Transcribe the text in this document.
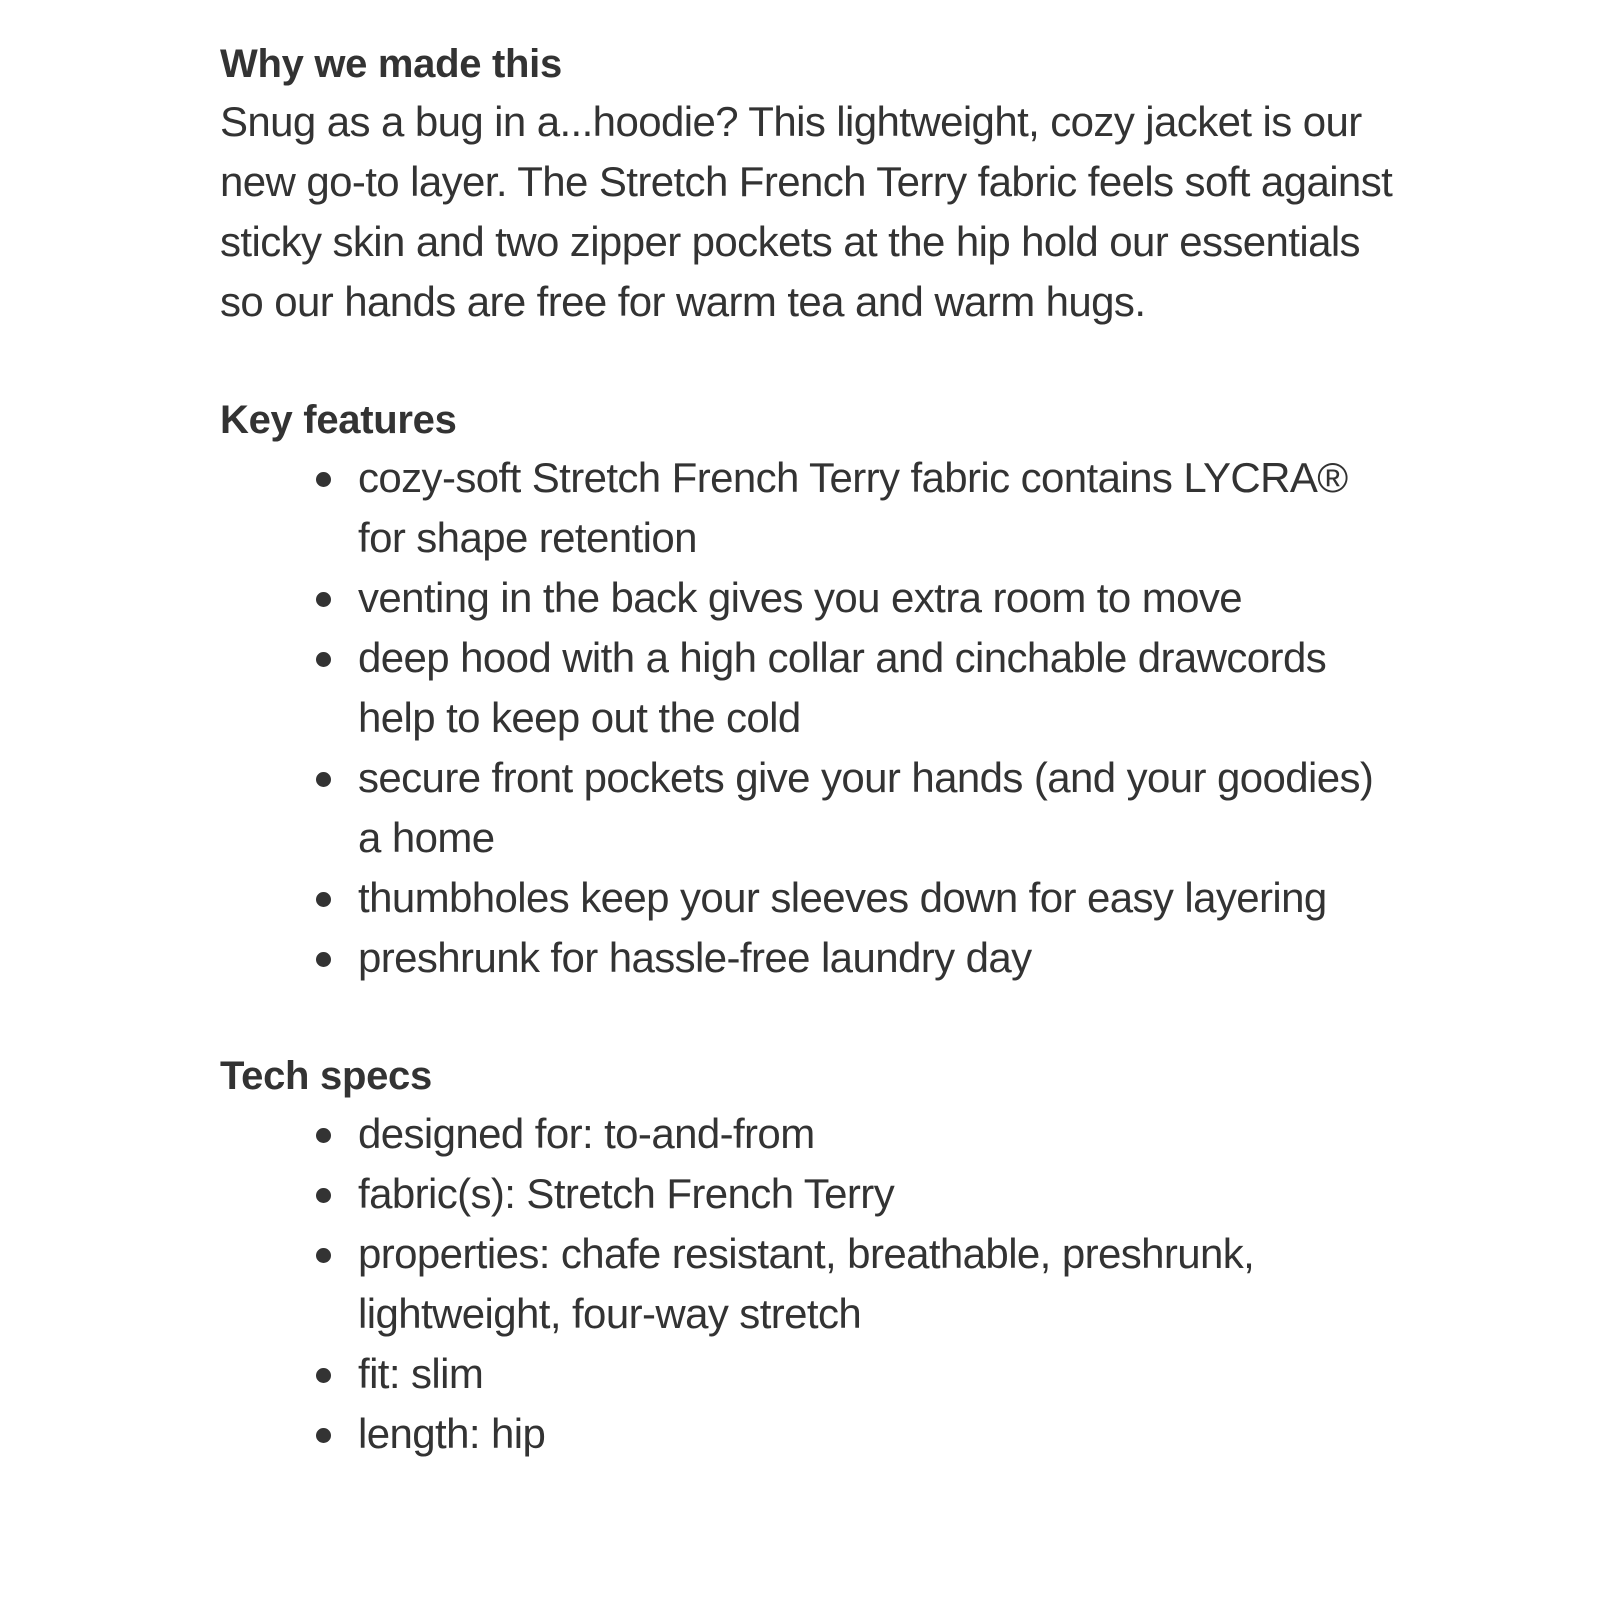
Why we made this

Snug as a bug in a...hoodie? This lightweight, cozy jacket is our new go-to layer. The Stretch French Terry fabric feels soft against sticky skin and two zipper pockets at the hip hold our essentials so our hands are free for warm tea and warm hugs.

Key features
cozy-soft Stretch French Terry fabric contains LYCRA® for shape retention
venting in the back gives you extra room to move
deep hood with a high collar and cinchable drawcords help to keep out the cold
secure front pockets give your hands (and your goodies) a home
thumbholes keep your sleeves down for easy layering
preshrunk for hassle-free laundry day
Tech specs
designed for: to-and-from
fabric(s): Stretch French Terry
properties: chafe resistant, breathable, preshrunk, lightweight, four-way stretch
fit: slim
length: hip
